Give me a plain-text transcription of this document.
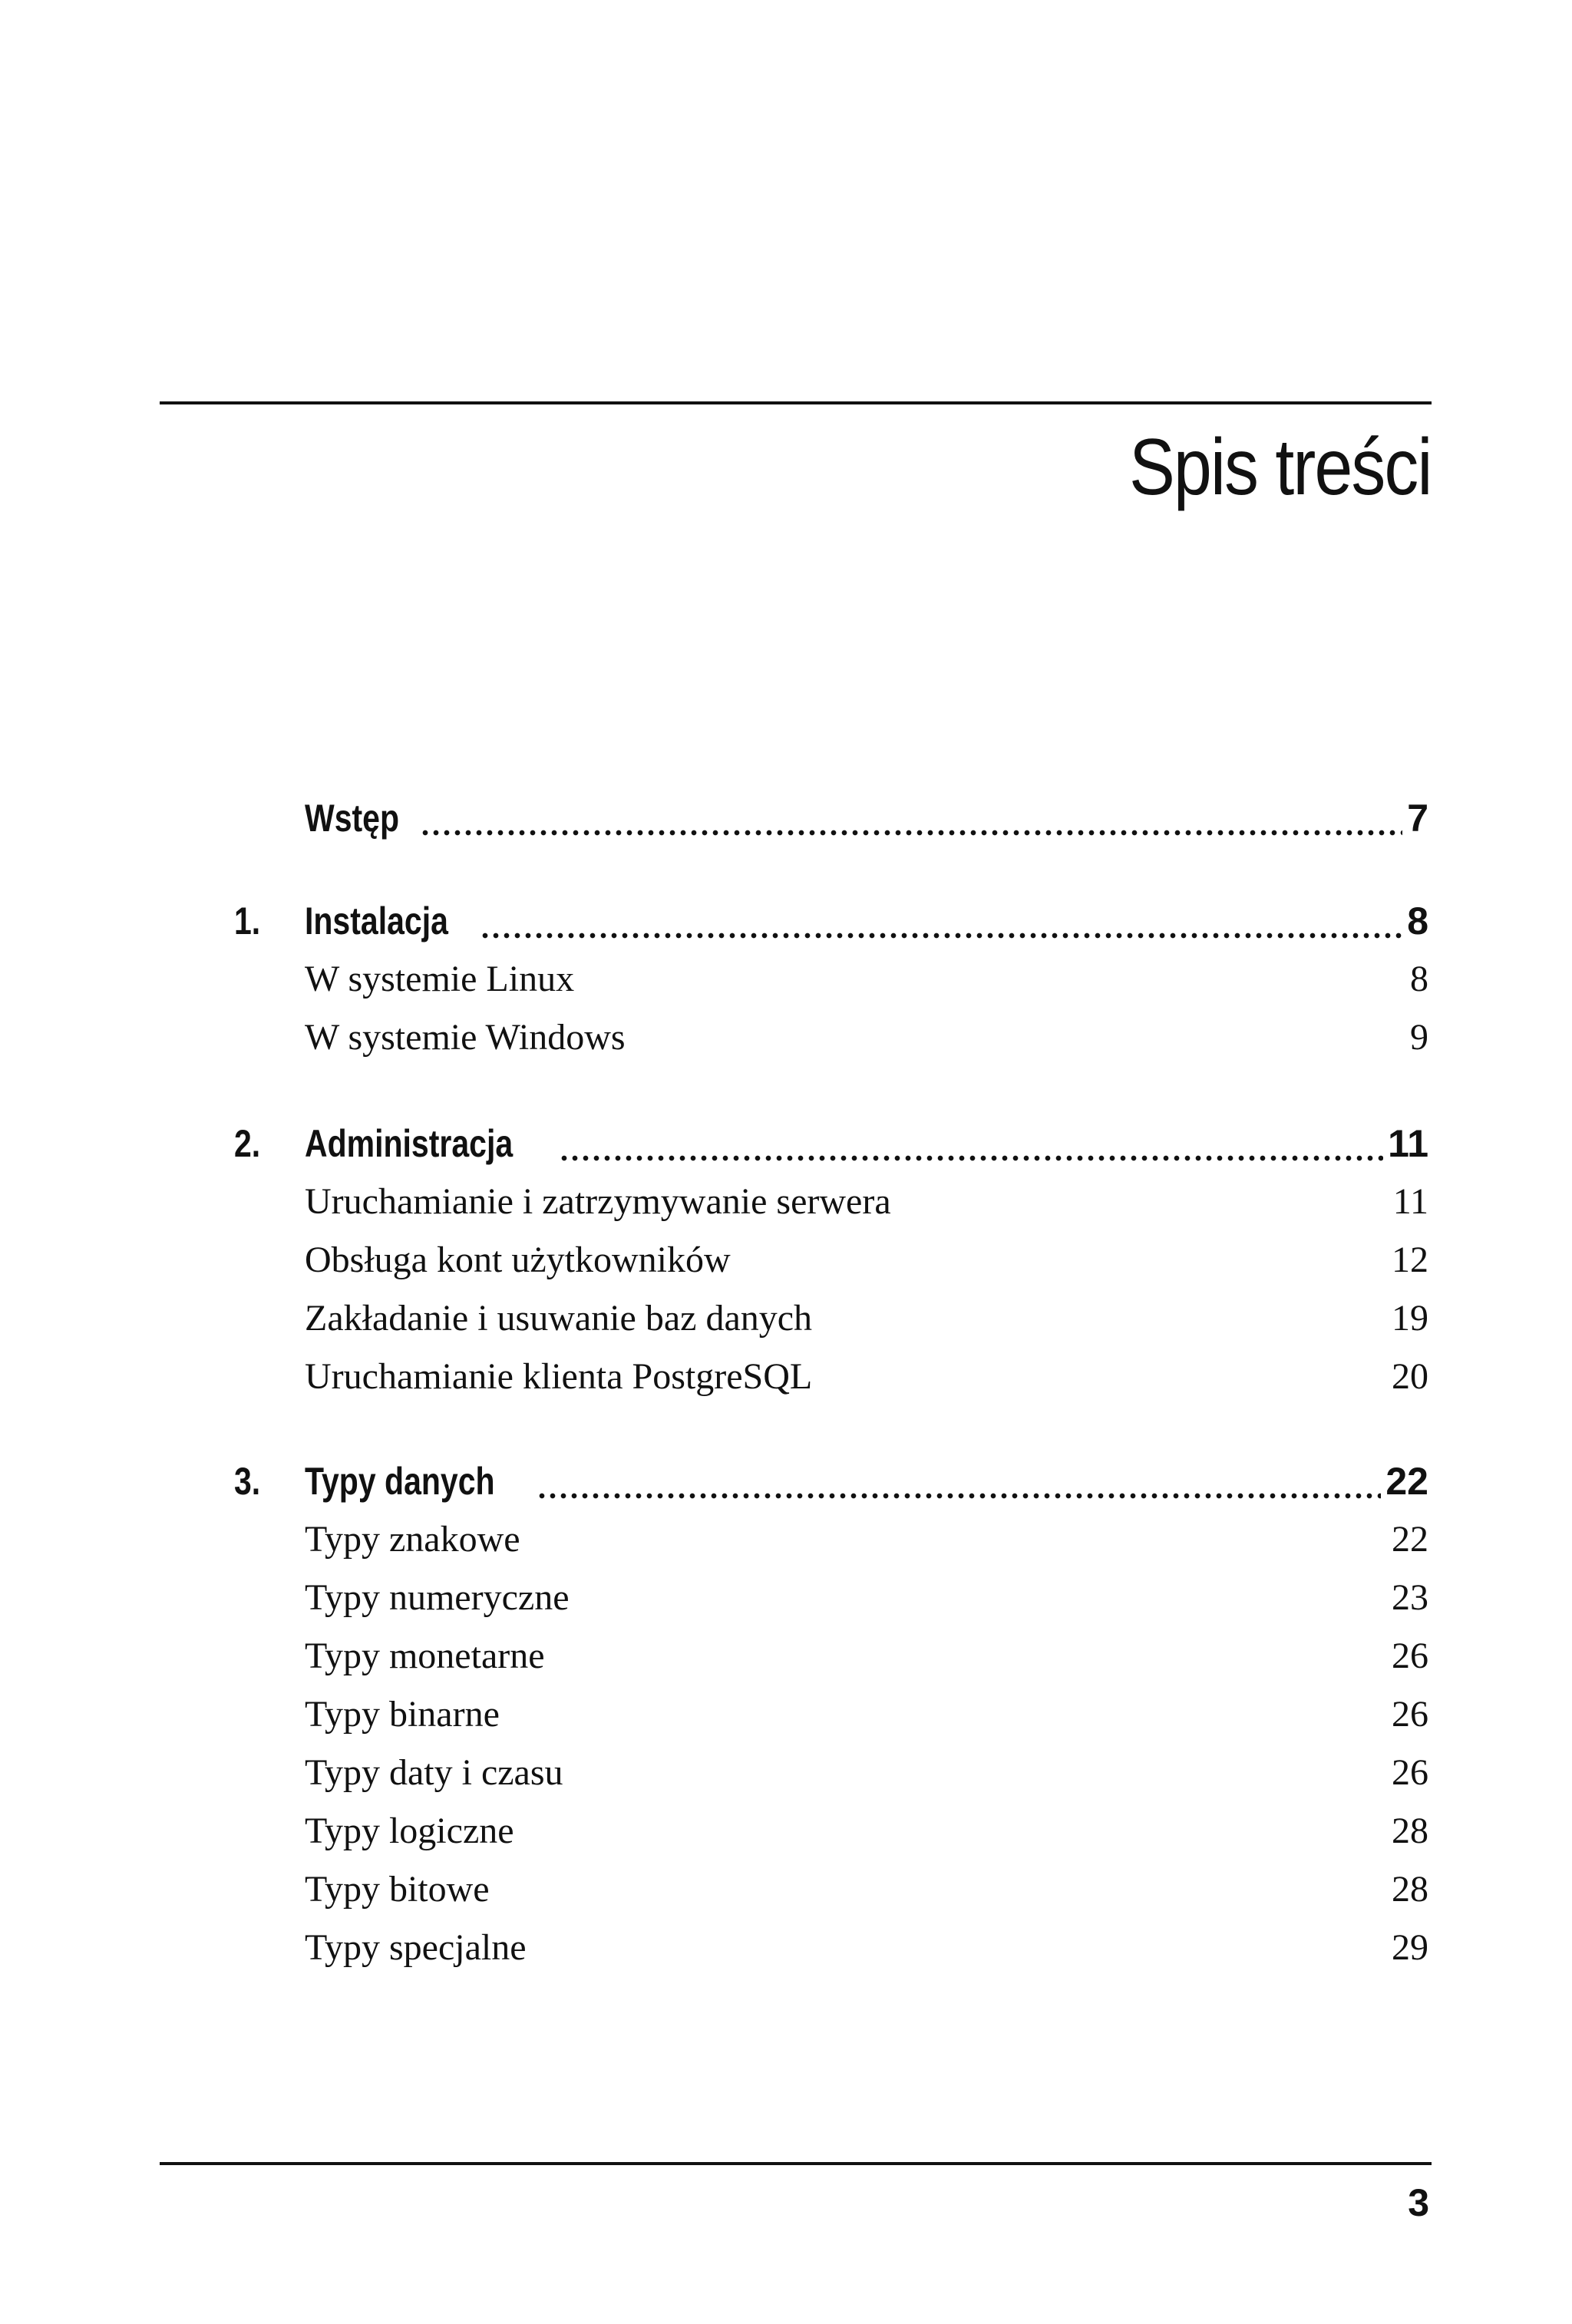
Spis treści
Wstęp	7
1. Instalacja	8
W systemie Linux	8
W systemie Windows	9
2. Administracja	11
Uruchamianie i zatrzymywanie serwera	11
Obsługa kont użytkowników	12
Zakładanie i usuwanie baz danych	19
Uruchamianie klienta PostgreSQL	20
3. Typy danych	22
Typy znakowe	22
Typy numeryczne	23
Typy monetarne	26
Typy binarne	26
Typy daty i czasu	26
Typy logiczne	28
Typy bitowe	28
Typy specjalne	29
3
